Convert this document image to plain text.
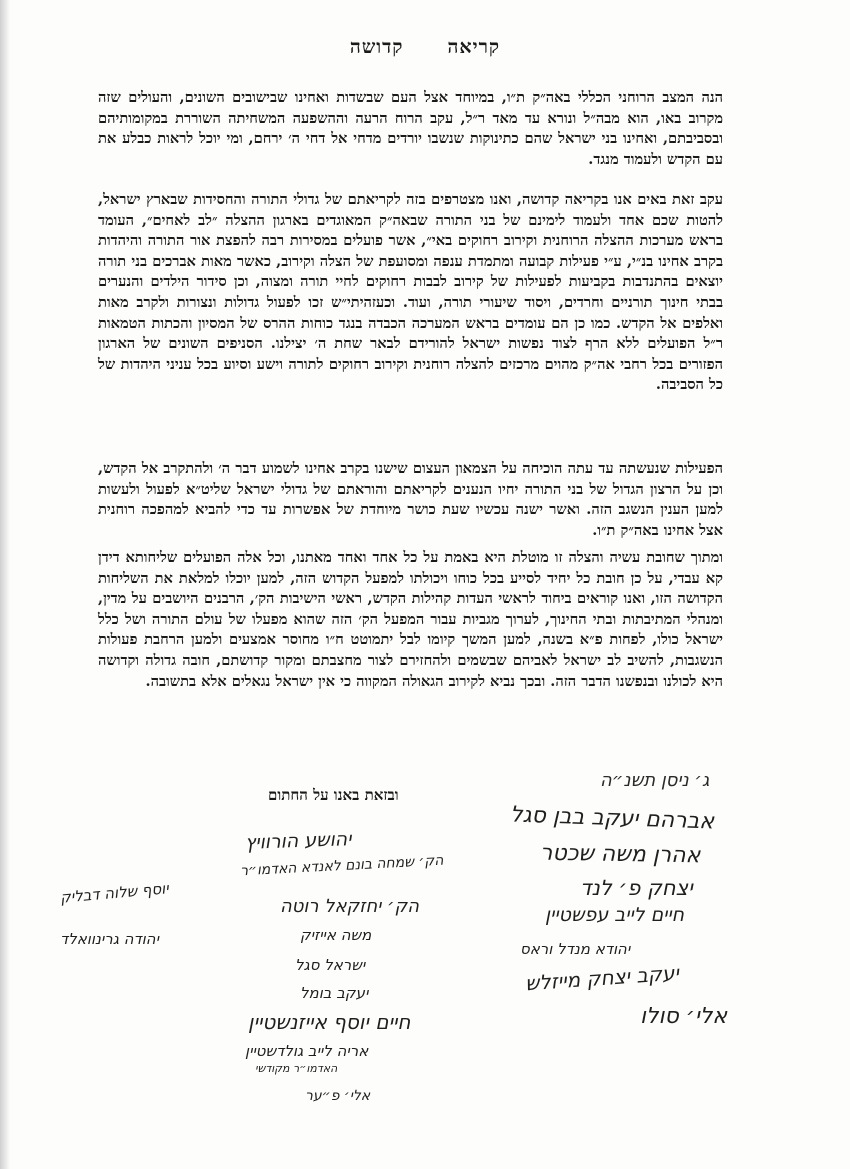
קריאהקדושה

הנה המצב הרוחני הכללי באה״ק ת״ו, במיוחד אצל העם שבשדות ואחינו שבישובים השונים, והעולים שזה מקרוב באו, הוא מבה״ל ונורא עד מאד ר״ל, עקב הרוח הרעה וההשפעה המשחיתה השוררת במקומותיהם ובסביבתם, ואחינו בני ישראל שהם כתינוקות שנשבו יורדים מדחי אל דחי ה׳ ירחם, ומי יוכל לראות כבלע את עם הקדש ולעמוד מנגד.

עקב זאת באים אנו בקריאה קדושה, ואנו מצטרפים בזה לקריאתם של גדולי התורה והחסידות שבארץ ישראל, להטות שכם אחד ולעמוד לימינם של בני התורה שבאה״ק המאוגדים בארגון ההצלה ״לב לאחים״, העומד בראש מערכות ההצלה הרוחנית וקירוב רחוקים באי״, אשר פועלים במסירות רבה להפצת אור התורה והיהדות בקרב אחינו בנ״י, ע״י פעילות קבועה ומתמדת ענפה ומסועפת של הצלה וקירוב, כאשר מאות אברכים בני תורה יוצאים בהתנדבות בקביעות לפעילות של קירוב לבבות רחוקים לחיי תורה ומצוה, וכן סידור הילדים והנערים בבתי חינוך תורניים וחרדים, ויסוד שיעורי תורה, ועוד. וכעזהיתי״ש זכו לפעול גדולות ונצורות ולקרב מאות ואלפים אל הקדש. כמו כן הם עומדים בראש המערכה הכבדה בנגד כוחות ההרס של המסיון והכתות הטמאות ר״ל הפועלים ללא הרף לצוד נפשות ישראל להורידם לבאר שחת ה׳ יצילנו. הסניפים השונים של הארגון הפזורים בכל רחבי אה״ק מהוים מרכזים להצלה רוחנית וקירוב רחוקים לתורה וישע וסיוע בכל עניני היהדות של כל הסביבה.

הפעילות שנעשתה עד עתה הוכיחה על הצמאון העצום שישנו בקרב אחינו לשמוע דבר ה׳ ולהתקרב אל הקדש, וכן על הרצון הגדול של בני התורה יחיו הנענים לקריאתם והוראתם של גדולי ישראל שליט״א לפעול ולעשות למען הענין הנשגב הזה. ואשר ישנה עכשיו שעת כושר מיוחדת של אפשרות עד כדי להביא למהפכה רוחנית אצל אחינו באה״ק ת״ו.

ומתוך שחובת עשיה והצלה זו מוטלת היא באמת על כל אחד ואחד מאתנו, וכל אלה הפועלים שליחותא דידן קא עבדי, על כן חובת כל יחיד לסייע בכל כוחו ויכולתו למפעל הקדוש הזה, למען יוכלו למלאת את השליחות הקדושה הזו, ואנו קוראים ביחוד לראשי העדות קהילות הקדש, ראשי הישיבות הק׳, הרבנים היושבים על מדין, ומנהלי המתיבתות ובתי החינוך, לערוך מגביות עבור המפעל הק׳ הזה שהוא מפעלו של עולם התורה ושל כלל ישראל כולו, לפחות פ״א בשנה, למען המשך קיומו לבל יתמוטט ח״ו מחוסר אמצעים ולמען הרחבת פעולות הנשגבות, להשיב לב ישראל לאביהם שבשמים ולהחזירם לצור מחצבתם ומקור קדושתם, חובה גדולה וקדושה היא לכולנו ובנפשנו הדבר הזה. ובכך נביא לקירוב הגאולה המקווה כי אין ישראל נגאלים אלא בתשובה.

ג׳ ניסן תשנ״ה
ובזאת באנו על החתום
אברהם יעקב בבן סגל
אהרן משה שכטר
יצחק פ׳ לנד
חיים לייב עפשטיין
יהודא מנדל וראס
יעקב יצחק מייזלש
אלי׳ סולו
יהושע הורוויץ
הק׳ שמחה בונם לאנדא האדמו״ר
יוסף שלוה דבליק	הק׳ יחזקאל רוטה
יהודה גרינוואלד	משה אייזיק
ישראל סגל
יעקב בומל
חיים יוסף אייזנשטיין
אריה לייב גולדשטיין
האדמו״ר מקודשי
אלי׳ פ״ער
